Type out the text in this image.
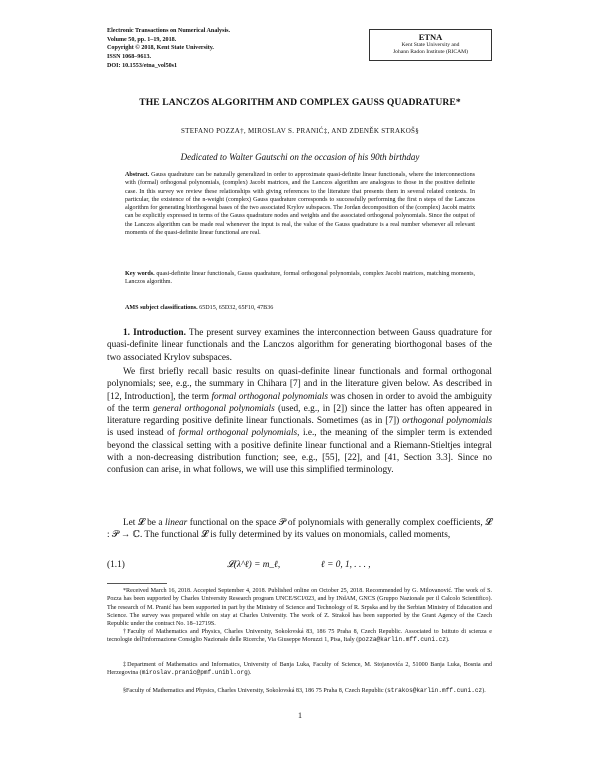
Electronic Transactions on Numerical Analysis.
Volume 50, pp. 1–19, 2018.
Copyright © 2018, Kent State University.
ISSN 1068–9613.
DOI: 10.1553/etna_vol50s1
ETNA
Kent State University and
Johann Radon Institute (RICAM)
THE LANCZOS ALGORITHM AND COMPLEX GAUSS QUADRATURE*
STEFANO POZZA†, MIROSLAV S. PRANIĆ‡, AND ZDENĚK STRAKOŠ§
Dedicated to Walter Gautschi on the occasion of his 90th birthday
Abstract. Gauss quadrature can be naturally generalized in order to approximate quasi-definite linear functionals, where the interconnections with (formal) orthogonal polynomials, (complex) Jacobi matrices, and the Lanczos algorithm are analogous to those in the positive definite case. In this survey we review these relationships with giving references to the literature that presents them in several related contexts. In particular, the existence of the n-weight (complex) Gauss quadrature corresponds to successfully performing the first n steps of the Lanczos algorithm for generating biorthogonal bases of the two associated Krylov subspaces. The Jordan decomposition of the (complex) Jacobi matrix can be explicitly expressed in terms of the Gauss quadrature nodes and weights and the associated orthogonal polynomials. Since the output of the Lanczos algorithm can be made real whenever the input is real, the value of the Gauss quadrature is a real number whenever all relevant moments of the quasi-definite linear functional are real.
Key words. quasi-definite linear functionals, Gauss quadrature, formal orthogonal polynomials, complex Jacobi matrices, matching moments, Lanczos algorithm.
AMS subject classifications. 65D15, 65D32, 65F10, 47B36
1. Introduction. The present survey examines the interconnection between Gauss quadrature for quasi-definite linear functionals and the Lanczos algorithm for generating biorthogonal bases of the two associated Krylov subspaces.
We first briefly recall basic results on quasi-definite linear functionals and formal orthogonal polynomials; see, e.g., the summary in Chihara [7] and in the literature given below. As described in [12, Introduction], the term formal orthogonal polynomials was chosen in order to avoid the ambiguity of the term general orthogonal polynomials (used, e.g., in [2]) since the latter has often appeared in literature regarding positive definite linear functionals. Sometimes (as in [7]) orthogonal polynomials is used instead of formal orthogonal polynomials, i.e., the meaning of the simpler term is extended beyond the classical setting with a positive definite linear functional and a Riemann-Stieltjes integral with a non-decreasing distribution function; see, e.g., [55], [22], and [41, Section 3.3]. Since no confusion can arise, in what follows, we will use this simplified terminology.
Let 𝓛 be a linear functional on the space 𝒫 of polynomials with generally complex coefficients, 𝓛 : 𝒫 → ℂ. The functional 𝓛 is fully determined by its values on monomials, called moments,
(1.1)	𝓛(λ^ℓ) = m_ℓ,	ℓ = 0, 1, . . . ,
*Received March 16, 2018. Accepted September 4, 2018. Published online on October 25, 2018. Recommended by G. Milovanović. The work of S. Pozza has been supported by Charles University Research program UNCE/SCI/023, and by INdAM, GNCS (Gruppo Nazionale per il Calcolo Scientifico). The research of M. Pranić has been supported in part by the Ministry of Science and Technology of R. Srpska and by the Serbian Ministry of Education and Science. The survey was prepared while on stay at Charles University. The work of Z. Strakoš has been supported by the Grant Agency of the Czech Republic under the contract No. 18–12719S.
†Faculty of Mathematics and Physics, Charles University, Sokolovská 83, 186 75 Praha 8, Czech Republic. Associated to Istituto di scienza e tecnologie dell'informazione Consiglio Nazionale delle Ricerche, Via Giuseppe Moruzzi 1, Pisa, Italy (pozza@karlin.mff.cuni.cz).
‡Department of Mathematics and Informatics, University of Banja Luka, Faculty of Science, M. Stojanovića 2, 51000 Banja Luka, Bosnia and Herzegovina (miroslav.pranic@pmf.unibl.org).
§Faculty of Mathematics and Physics, Charles University, Sokolovská 83, 186 75 Praha 8, Czech Republic (strakos@karlin.mff.cuni.cz).
1
